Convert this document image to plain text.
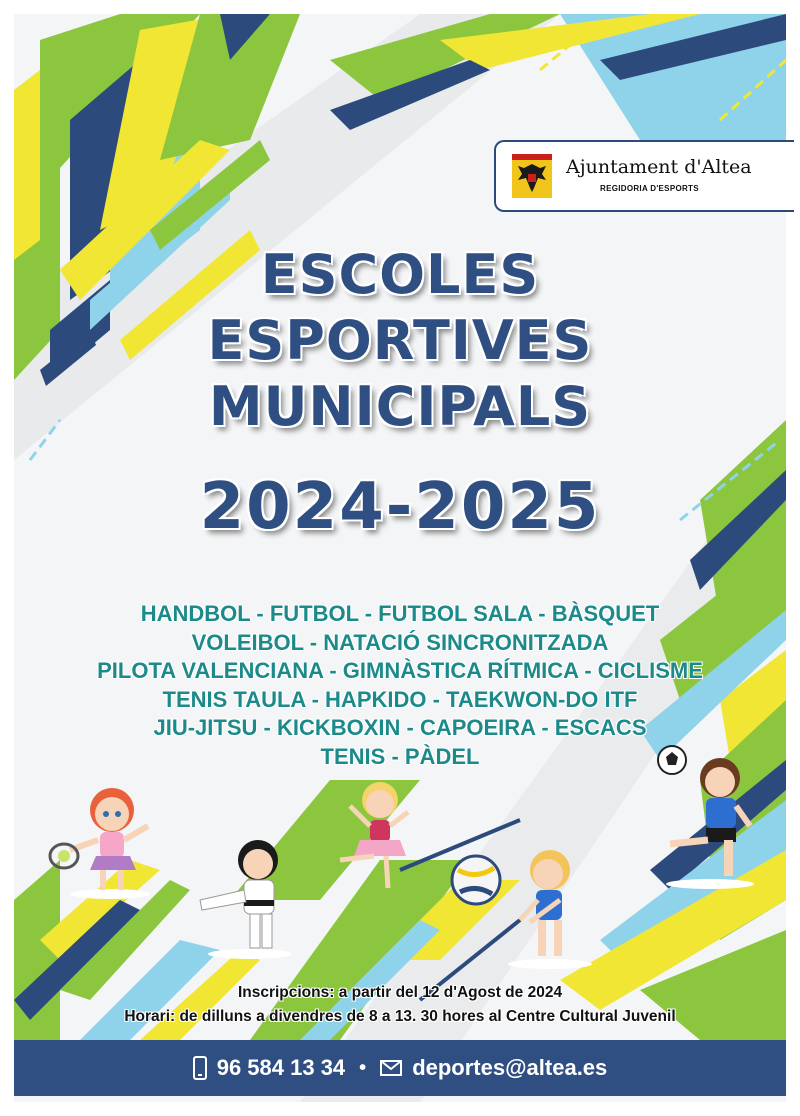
Ajuntament d'Altea
REGIDORIA D'ESPORTS
ESCOLES
ESPORTIVES
MUNICIPALS
2024-2025
HANDBOL - FUTBOL - FUTBOL SALA - BÀSQUET
VOLEIBOL - NATACIÓ SINCRONITZADA
PILOTA VALENCIANA - GIMNÀSTICA RÍTMICA - CICLISME
TENIS TAULA - HAPKIDO - TAEKWON-DO ITF
JIU-JITSU - KICKBOXIN - CAPOEIRA - ESCACS
TENIS - PÀDEL
Inscripcions: a partir del 12 d'Agost de 2024
Horari: de dilluns a divendres de 8 a 13. 30 hores al Centre Cultural Juvenil
96 584 13 34 • deportes@altea.es
